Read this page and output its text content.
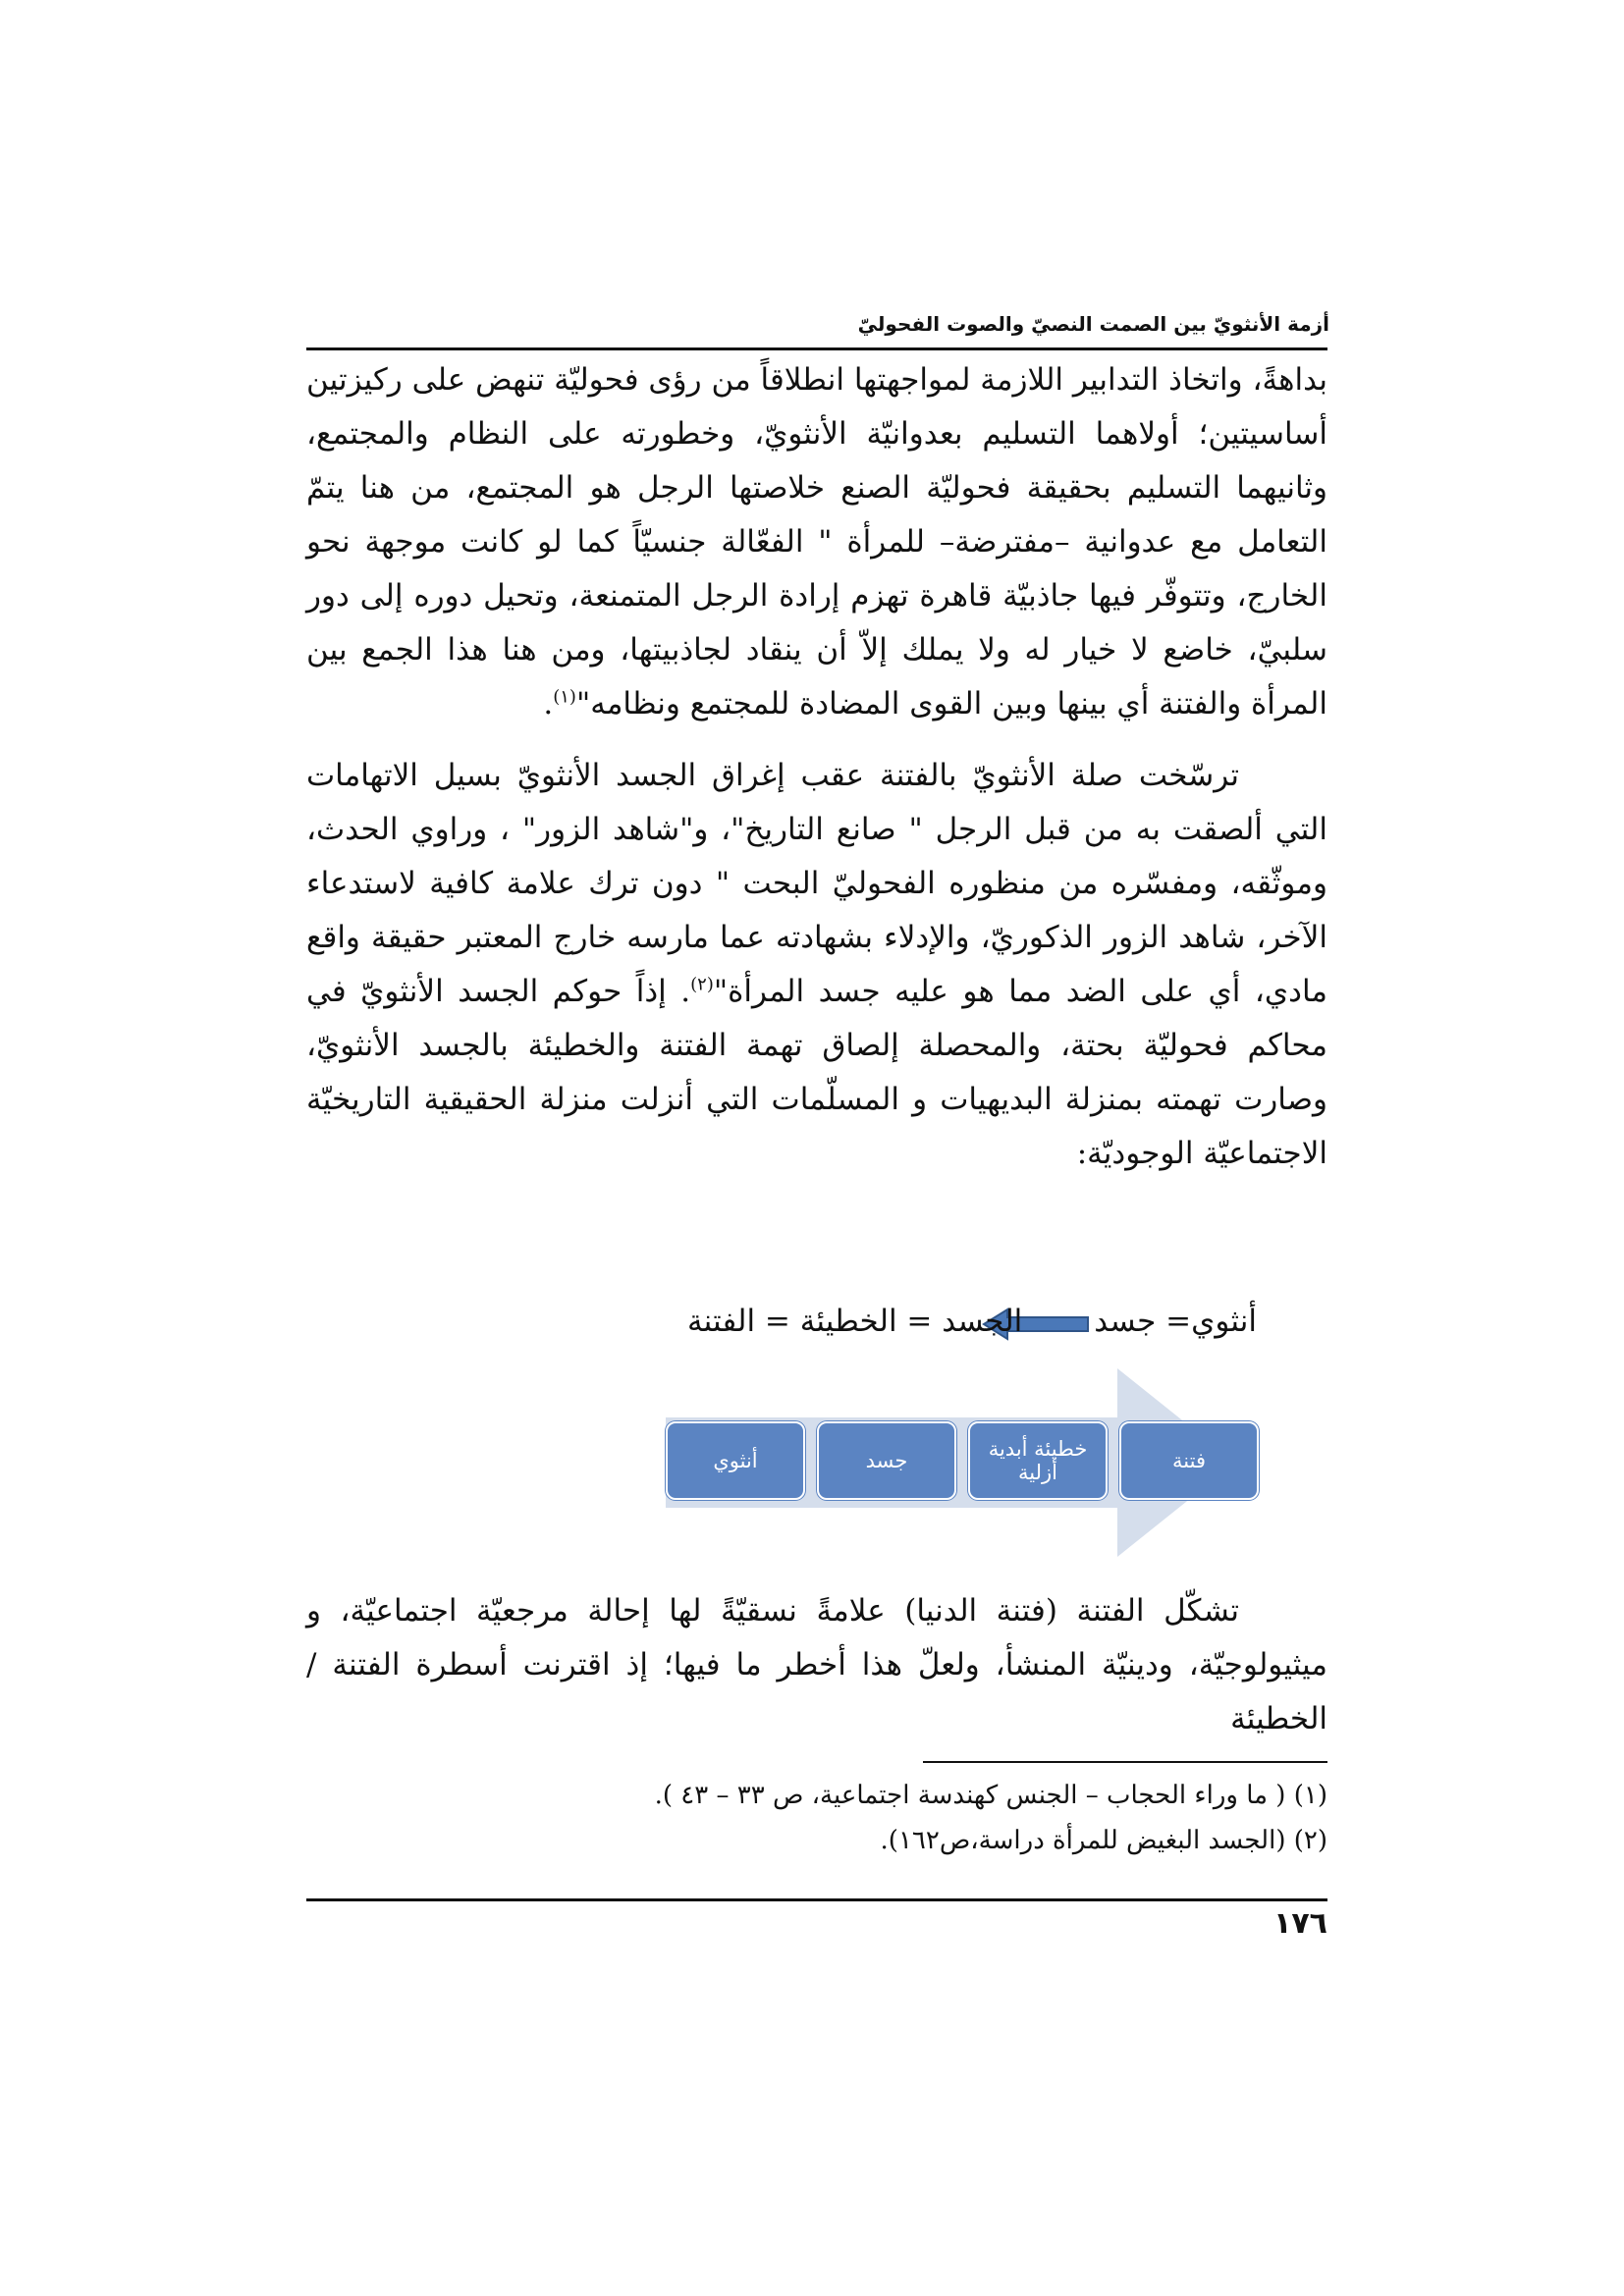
أزمة الأنثويّ بين الصمت النصيّ والصوت الفحوليّ

بداهةً، واتخاذ التدابير اللازمة لمواجهتها انطلاقاً من رؤى فحوليّة تنهض على ركيزتين أساسيتين؛ أولاهما التسليم بعدوانيّة الأنثويّ، وخطورته على النظام والمجتمع، وثانيهما التسليم بحقيقة فحوليّة الصنع خلاصتها الرجل هو المجتمع، من هنا يتمّ التعامل مع عدوانية –مفترضة– للمرأة " الفعّالة جنسيّاً كما لو كانت موجهة نحو الخارج، وتتوفّر فيها جاذبيّة قاهرة تهزم إرادة الرجل المتمنعة، وتحيل دوره إلى دور سلبيّ، خاضع لا خيار له ولا يملك إلاّ أن ينقاد لجاذبيتها، ومن هنا هذا الجمع بين المرأة والفتنة أي بينها وبين القوى المضادة للمجتمع ونظامه"$^{(١)}$.

ترسّخت صلة الأنثويّ بالفتنة عقب إغراق الجسد الأنثويّ بسيل الاتهامات التي ألصقت به من قبل الرجل " صانع التاريخ"، و"شاهد الزور" ، وراوي الحدث، وموثّقه، ومفسّره من منظوره الفحوليّ البحت " دون ترك علامة كافية لاستدعاء الآخر، شاهد الزور الذكوريّ، والإدلاء بشهادته عما مارسه خارج المعتبر حقيقة واقع مادي، أي على الضد مما هو عليه جسد المرأة"$^{(٢)}$. إذاً حوكم الجسد الأنثويّ في محاكم فحوليّة بحتة، والمحصلة إلصاق تهمة الفتنة والخطيئة بالجسد الأنثويّ، وصارت تهمته بمنزلة البديهيات و المسلّمات التي أنزلت منزلة الحقيقية التاريخيّة الاجتماعيّة الوجوديّة:

أنثوي= جسد
الجسد = الخطيئة = الفتنة
أنثوي	جسد	خطيئة أبدية أزلية	فتنة

تشكّل الفتنة (فتنة الدنيا) علامةً نسقيّةً لها إحالة مرجعيّة اجتماعيّة، و ميثيولوجيّة، ودينيّة المنشأ، ولعلّ هذا أخطر ما فيها؛ إذ اقترنت أسطرة الفتنة / الخطيئة

(١) ( ما وراء الحجاب – الجنس كهندسة اجتماعية، ص ٣٣ – ٤٣ ).

(٢) (الجسد البغيض للمرأة دراسة،ص١٦٢).

١٧٦
